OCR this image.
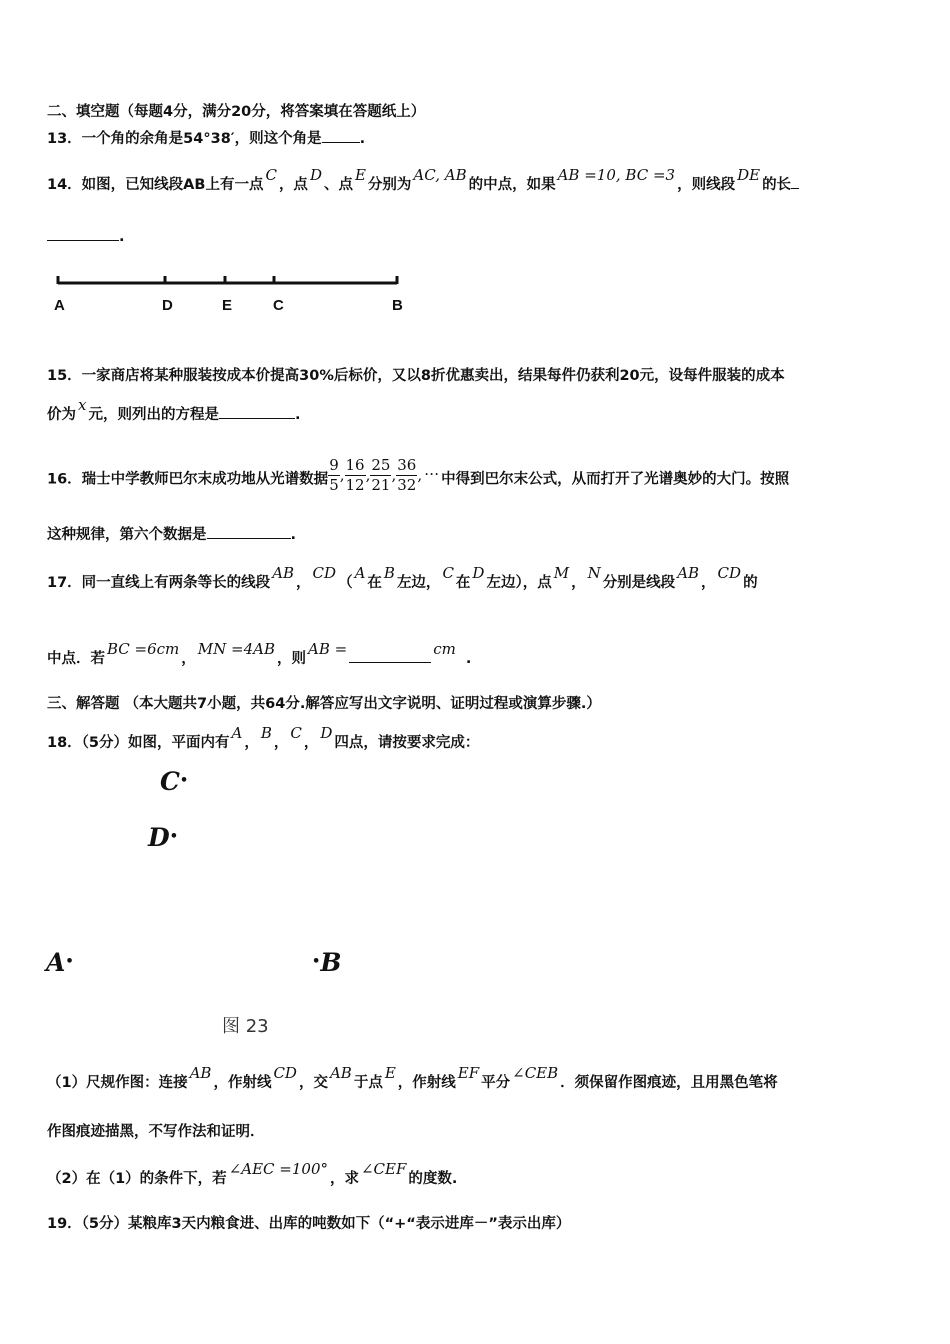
二、填空题（每题4分，满分20分，将答案填在答题纸上）
13．一个角的余角是54°38′，则这个角是	.
14．如图，已知线段AB上有一点C，点D、点E分别为AC, AB的中点，如果AB =10, BC =3，则线段DE的长
.
A	D	E	C	B
15．一家商店将某种服装按成本价提高30%后标价，又以8折优惠卖出，结果每件仍获利20元，设每件服装的成本
价为x元，则列出的方程是	.
16．瑞士中学教师巴尔末成功地从光谱数据 $\frac{9}{5}$ , $\frac{16}{12}$ , $\frac{25}{21}$ , $\frac{36}{32}$ , …中得到巴尔末公式，从而打开了光谱奥妙的大门。按照
这种规律，第六个数据是	.
17．同一直线上有两条等长的线段AB，CD（A在B左边，C在D左边），点M，N分别是线段AB，CD的
中点．若BC =6cm，MN =4AB，则AB =	cm.
三、解答题 （本大题共7小题，共64分.解答应写出文字说明、证明过程或演算步骤.）
18．（5分）如图，平面内有A，B，C，D四点，请按要求完成：
C•
D•
A•	•B
图 23
（1）尺规作图：连接AB，作射线CD，交AB于点E，作射线EF平分∠CEB．须保留作图痕迹，且用黑色笔将
作图痕迹描黑，不写作法和证明．
（2）在（1）的条件下，若∠AEC =100°，求∠CEF的度数.
19．（5分）某粮库3天内粮食进、出库的吨数如下（“+“表示进库－”表示出库）
